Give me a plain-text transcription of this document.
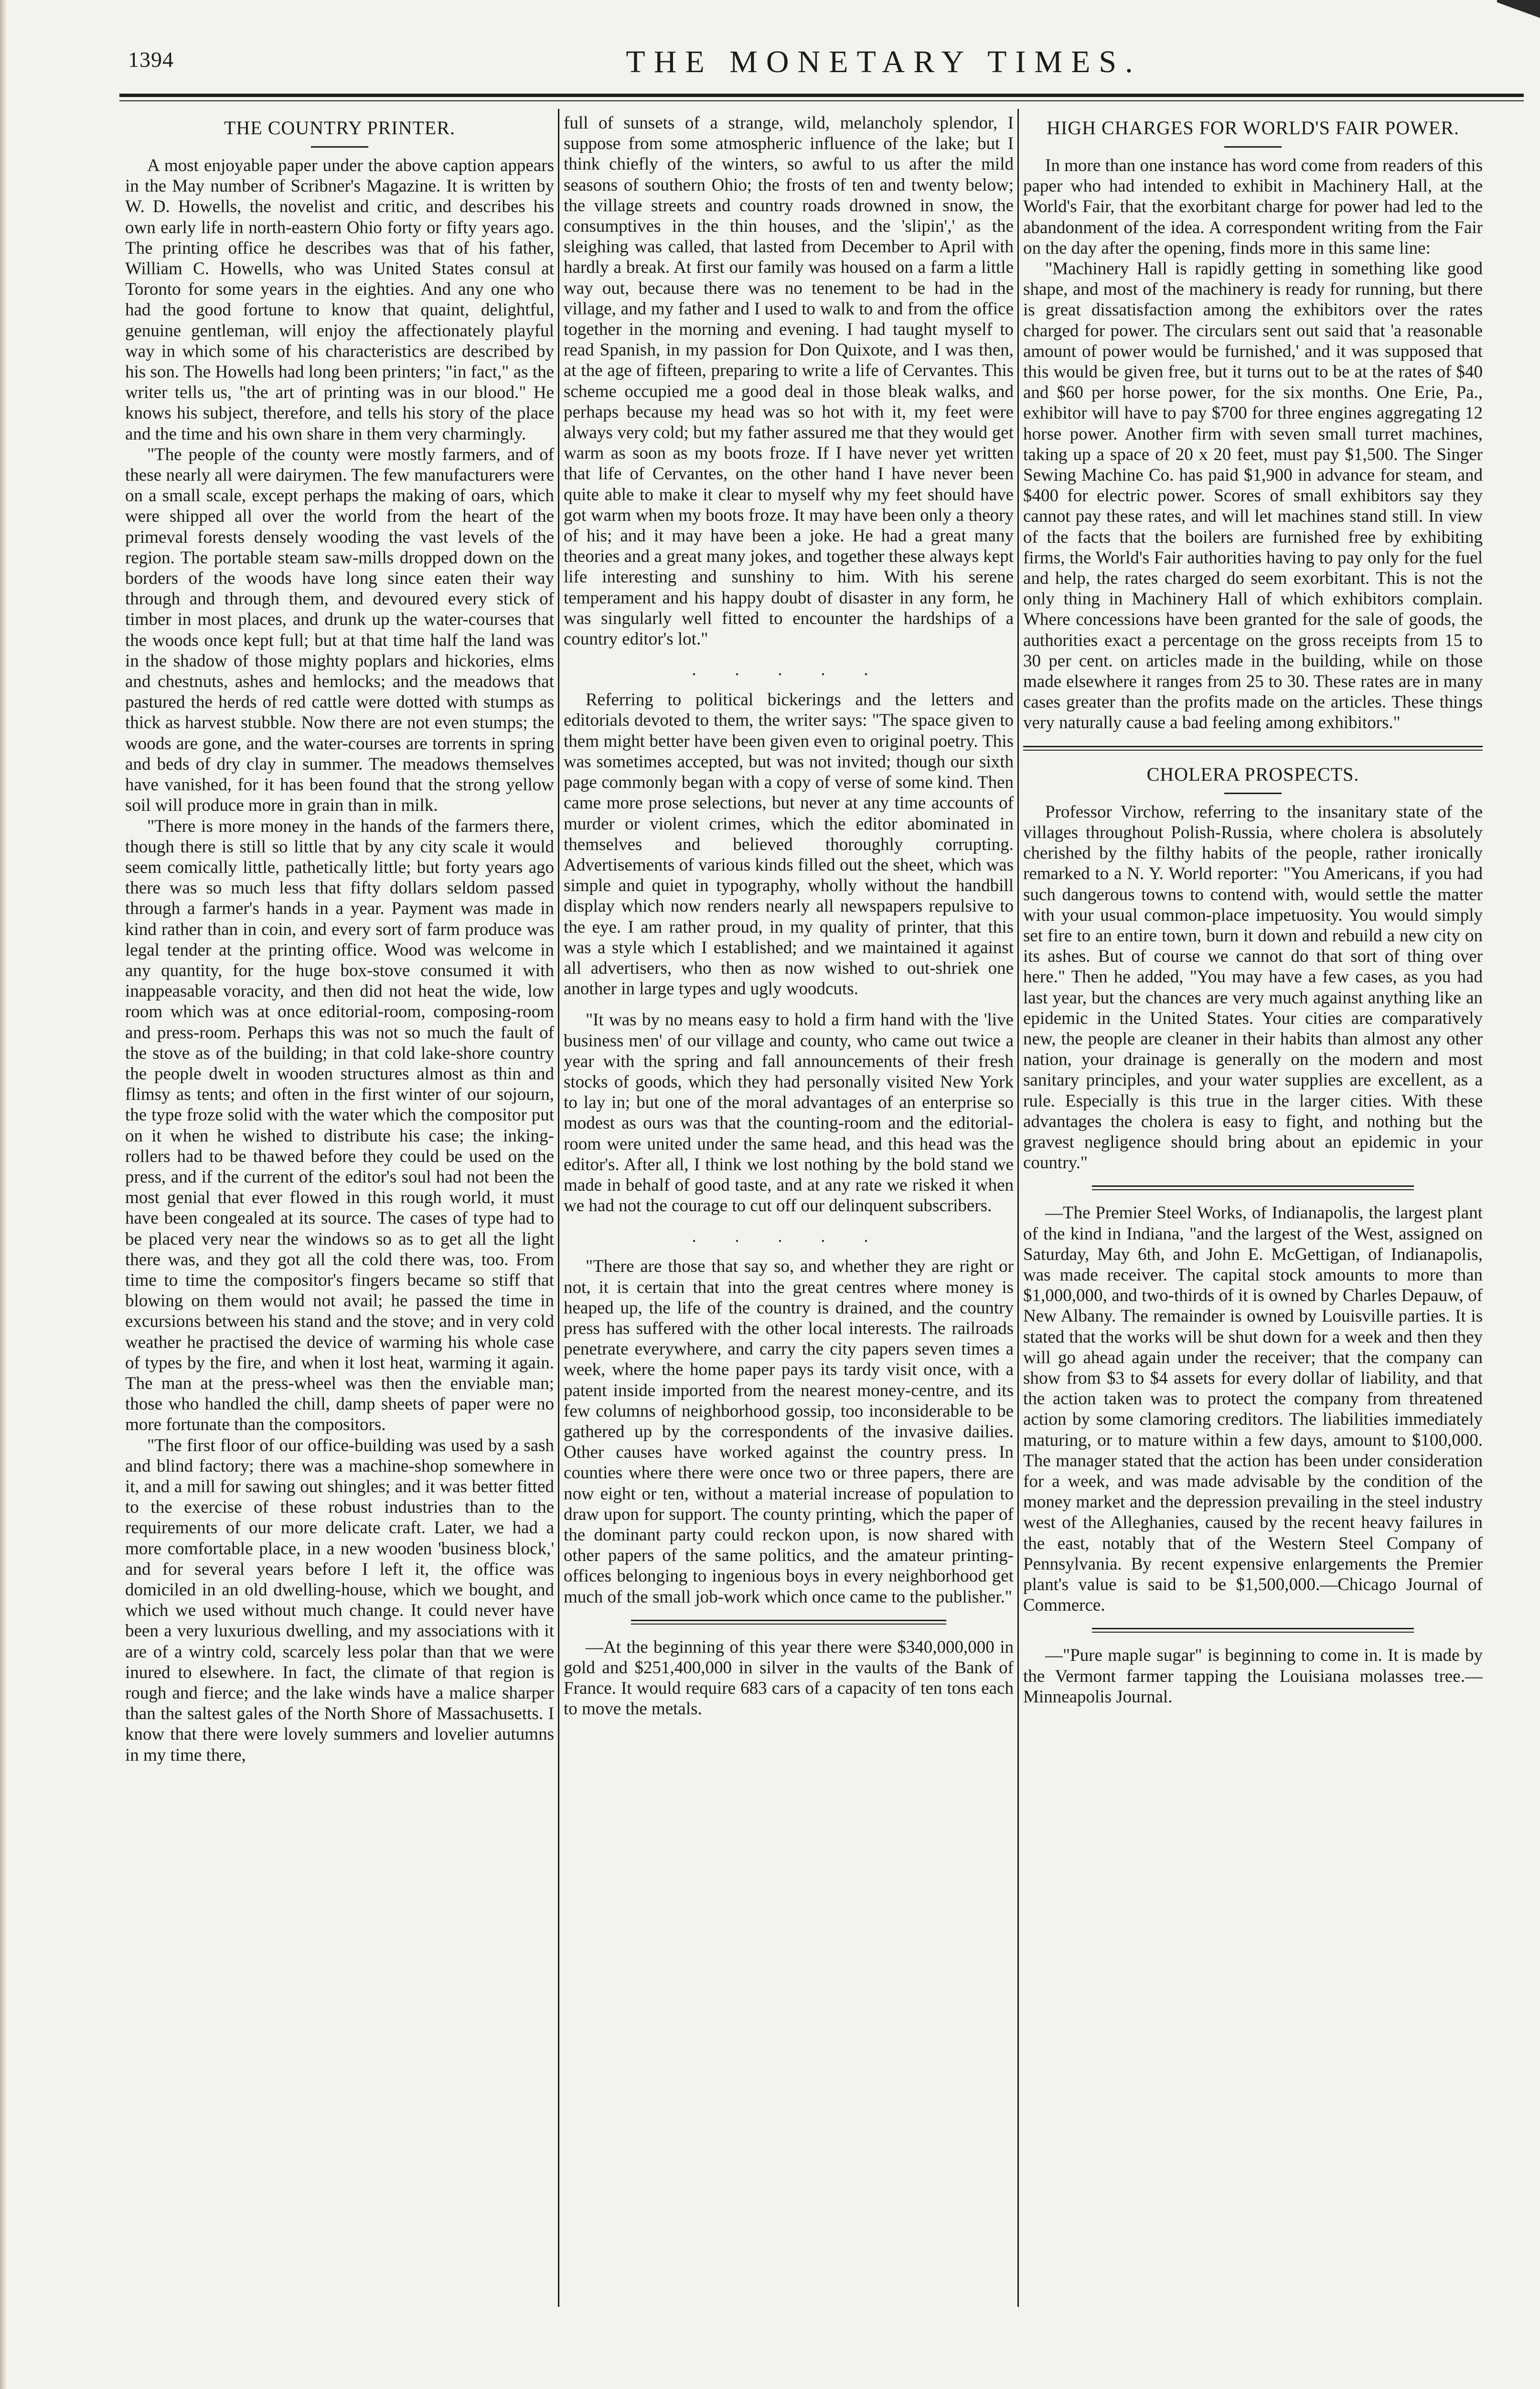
1394	THE MONETARY TIMES.
THE COUNTRY PRINTER.

A most enjoyable paper under the above caption appears in the May number of Scribner's Magazine. It is written by W. D. Howells, the novelist and critic, and describes his own early life in north-eastern Ohio forty or fifty years ago. The printing office he describes was that of his father, William C. Howells, who was United States consul at Toronto for some years in the eighties. And any one who had the good fortune to know that quaint, delightful, genuine gentleman, will enjoy the affectionately playful way in which some of his characteristics are described by his son. The Howells had long been printers; "in fact," as the writer tells us, "the art of printing was in our blood." He knows his subject, therefore, and tells his story of the place and the time and his own share in them very charmingly.

"The people of the county were mostly farmers, and of these nearly all were dairymen. The few manufacturers were on a small scale, except perhaps the making of oars, which were shipped all over the world from the heart of the primeval forests densely wooding the vast levels of the region. The portable steam saw-mills dropped down on the borders of the woods have long since eaten their way through and through them, and devoured every stick of timber in most places, and drunk up the water-courses that the woods once kept full; but at that time half the land was in the shadow of those mighty poplars and hickories, elms and chestnuts, ashes and hemlocks; and the meadows that pastured the herds of red cattle were dotted with stumps as thick as harvest stubble. Now there are not even stumps; the woods are gone, and the water-courses are torrents in spring and beds of dry clay in summer. The meadows themselves have vanished, for it has been found that the strong yellow soil will produce more in grain than in milk.

"There is more money in the hands of the farmers there, though there is still so little that by any city scale it would seem comically little, pathetically little; but forty years ago there was so much less that fifty dollars seldom passed through a farmer's hands in a year. Payment was made in kind rather than in coin, and every sort of farm produce was legal tender at the printing office. Wood was welcome in any quantity, for the huge box-stove consumed it with inappeasable voracity, and then did not heat the wide, low room which was at once editorial-room, composing-room and press-room. Perhaps this was not so much the fault of the stove as of the building; in that cold lake-shore country the people dwelt in wooden structures almost as thin and flimsy as tents; and often in the first winter of our sojourn, the type froze solid with the water which the compositor put on it when he wished to distribute his case; the inking-rollers had to be thawed before they could be used on the press, and if the current of the editor's soul had not been the most genial that ever flowed in this rough world, it must have been congealed at its source. The cases of type had to be placed very near the windows so as to get all the light there was, and they got all the cold there was, too. From time to time the compositor's fingers became so stiff that blowing on them would not avail; he passed the time in excursions between his stand and the stove; and in very cold weather he practised the device of warming his whole case of types by the fire, and when it lost heat, warming it again. The man at the press-wheel was then the enviable man; those who handled the chill, damp sheets of paper were no more fortunate than the compositors.

"The first floor of our office-building was used by a sash and blind factory; there was a machine-shop somewhere in it, and a mill for sawing out shingles; and it was better fitted to the exercise of these robust industries than to the requirements of our more delicate craft. Later, we had a more comfortable place, in a new wooden 'business block,' and for several years before I left it, the office was domiciled in an old dwelling-house, which we bought, and which we used without much change. It could never have been a very luxurious dwelling, and my associations with it are of a wintry cold, scarcely less polar than that we were inured to elsewhere. In fact, the climate of that region is rough and fierce; and the lake winds have a malice sharper than the saltest gales of the North Shore of Massachusetts. I know that there were lovely summers and lovelier autumns in my time there,

full of sunsets of a strange, wild, melancholy splendor, I suppose from some atmospheric influence of the lake; but I think chiefly of the winters, so awful to us after the mild seasons of southern Ohio; the frosts of ten and twenty below; the village streets and country roads drowned in snow, the consumptives in the thin houses, and the 'slipin',' as the sleighing was called, that lasted from December to April with hardly a break. At first our family was housed on a farm a little way out, because there was no tenement to be had in the village, and my father and I used to walk to and from the office together in the morning and evening. I had taught myself to read Spanish, in my passion for Don Quixote, and I was then, at the age of fifteen, preparing to write a life of Cervantes. This scheme occupied me a good deal in those bleak walks, and perhaps because my head was so hot with it, my feet were always very cold; but my father assured me that they would get warm as soon as my boots froze. If I have never yet written that life of Cervantes, on the other hand I have never been quite able to make it clear to myself why my feet should have got warm when my boots froze. It may have been only a theory of his; and it may have been a joke. He had a great many theories and a great many jokes, and together these always kept life interesting and sunshiny to him. With his serene temperament and his happy doubt of disaster in any form, he was singularly well fitted to encounter the hardships of a country editor's lot."

. . . . .

Referring to political bickerings and the letters and editorials devoted to them, the writer says: "The space given to them might better have been given even to original poetry. This was sometimes accepted, but was not invited; though our sixth page commonly began with a copy of verse of some kind. Then came more prose selections, but never at any time accounts of murder or violent crimes, which the editor abominated in themselves and believed thoroughly corrupting. Advertisements of various kinds filled out the sheet, which was simple and quiet in typography, wholly without the handbill display which now renders nearly all newspapers repulsive to the eye. I am rather proud, in my quality of printer, that this was a style which I established; and we maintained it against all advertisers, who then as now wished to out-shriek one another in large types and ugly woodcuts.

"It was by no means easy to hold a firm hand with the 'live business men' of our village and county, who came out twice a year with the spring and fall announcements of their fresh stocks of goods, which they had personally visited New York to lay in; but one of the moral advantages of an enterprise so modest as ours was that the counting-room and the editorial-room were united under the same head, and this head was the editor's. After all, I think we lost nothing by the bold stand we made in behalf of good taste, and at any rate we risked it when we had not the courage to cut off our delinquent subscribers.

. . . . .

"There are those that say so, and whether they are right or not, it is certain that into the great centres where money is heaped up, the life of the country is drained, and the country press has suffered with the other local interests. The railroads penetrate everywhere, and carry the city papers seven times a week, where the home paper pays its tardy visit once, with a patent inside imported from the nearest money-centre, and its few columns of neighborhood gossip, too inconsiderable to be gathered up by the correspondents of the invasive dailies. Other causes have worked against the country press. In counties where there were once two or three papers, there are now eight or ten, without a material increase of population to draw upon for support. The county printing, which the paper of the dominant party could reckon upon, is now shared with other papers of the same politics, and the amateur printing-offices belonging to ingenious boys in every neighborhood get much of the small job-work which once came to the publisher."

—At the beginning of this year there were $340,000,000 in gold and $251,400,000 in silver in the vaults of the Bank of France. It would require 683 cars of a capacity of ten tons each to move the metals.

HIGH CHARGES FOR WORLD'S FAIR POWER.

In more than one instance has word come from readers of this paper who had intended to exhibit in Machinery Hall, at the World's Fair, that the exorbitant charge for power had led to the abandonment of the idea. A correspondent writing from the Fair on the day after the opening, finds more in this same line:

"Machinery Hall is rapidly getting in something like good shape, and most of the machinery is ready for running, but there is great dissatisfaction among the exhibitors over the rates charged for power. The circulars sent out said that 'a reasonable amount of power would be furnished,' and it was supposed that this would be given free, but it turns out to be at the rates of $40 and $60 per horse power, for the six months. One Erie, Pa., exhibitor will have to pay $700 for three engines aggregating 12 horse power. Another firm with seven small turret machines, taking up a space of 20 x 20 feet, must pay $1,500. The Singer Sewing Machine Co. has paid $1,900 in advance for steam, and $400 for electric power. Scores of small exhibitors say they cannot pay these rates, and will let machines stand still. In view of the facts that the boilers are furnished free by exhibiting firms, the World's Fair authorities having to pay only for the fuel and help, the rates charged do seem exorbitant. This is not the only thing in Machinery Hall of which exhibitors complain. Where concessions have been granted for the sale of goods, the authorities exact a percentage on the gross receipts from 15 to 30 per cent. on articles made in the building, while on those made elsewhere it ranges from 25 to 30. These rates are in many cases greater than the profits made on the articles. These things very naturally cause a bad feeling among exhibitors."

CHOLERA PROSPECTS.

Professor Virchow, referring to the insanitary state of the villages throughout Polish-Russia, where cholera is absolutely cherished by the filthy habits of the people, rather ironically remarked to a N. Y. World reporter: "You Americans, if you had such dangerous towns to contend with, would settle the matter with your usual common-place impetuosity. You would simply set fire to an entire town, burn it down and rebuild a new city on its ashes. But of course we cannot do that sort of thing over here." Then he added, "You may have a few cases, as you had last year, but the chances are very much against anything like an epidemic in the United States. Your cities are comparatively new, the people are cleaner in their habits than almost any other nation, your drainage is generally on the modern and most sanitary principles, and your water supplies are excellent, as a rule. Especially is this true in the larger cities. With these advantages the cholera is easy to fight, and nothing but the gravest negligence should bring about an epidemic in your country."

—The Premier Steel Works, of Indianapolis, the largest plant of the kind in Indiana, "and the largest of the West, assigned on Saturday, May 6th, and John E. McGettigan, of Indianapolis, was made receiver. The capital stock amounts to more than $1,000,000, and two-thirds of it is owned by Charles Depauw, of New Albany. The remainder is owned by Louisville parties. It is stated that the works will be shut down for a week and then they will go ahead again under the receiver; that the company can show from $3 to $4 assets for every dollar of liability, and that the action taken was to protect the company from threatened action by some clamoring creditors. The liabilities immediately maturing, or to mature within a few days, amount to $100,000. The manager stated that the action has been under consideration for a week, and was made advisable by the condition of the money market and the depression prevailing in the steel industry west of the Alleghanies, caused by the recent heavy failures in the east, notably that of the Western Steel Company of Pennsylvania. By recent expensive enlargements the Premier plant's value is said to be $1,500,000.—Chicago Journal of Commerce.

—"Pure maple sugar" is beginning to come in. It is made by the Vermont farmer tapping the Louisiana molasses tree.—Minneapolis Journal.
